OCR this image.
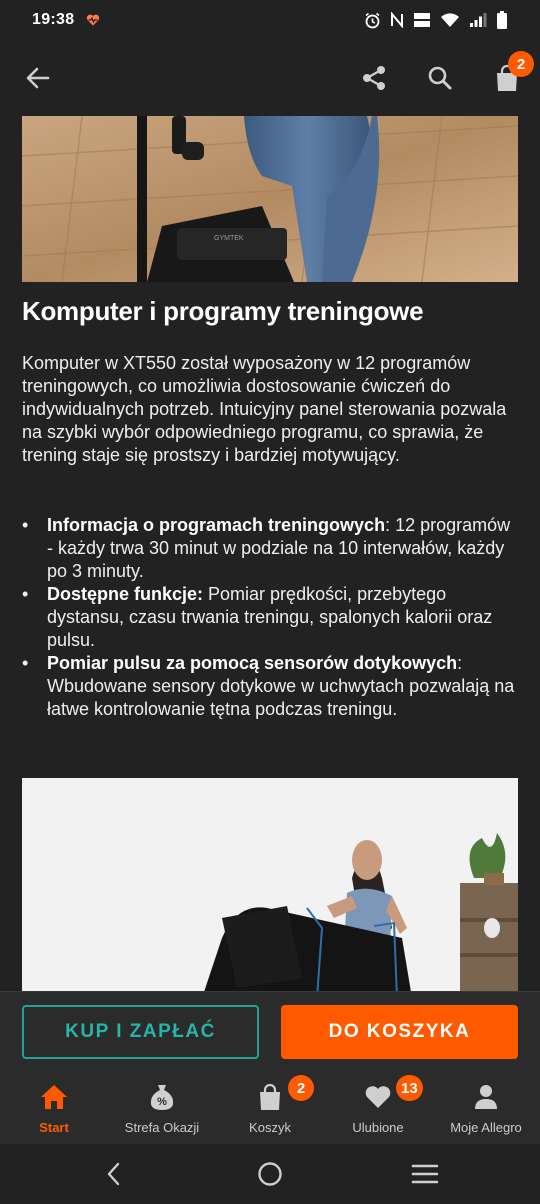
19:38
2
GYMTEK
Komputer i programy treningowe

Komputer w XT550 został wyposażony w 12 programów treningowych, co umożliwia dostosowanie ćwiczeń do indywidualnych potrzeb. Intuicyjny panel sterowania pozwala na szybki wybór odpowiedniego programu, co sprawia, że trening staje się prostszy i bardziej motywujący.

• Informacja o programach treningowych: 12 programów - każdy trwa 30 minut w podziale na 10 interwałów, każdy po 3 minuty.
• Dostępne funkcje: Pomiar prędkości, przebytego dystansu, czasu trwania treningu, spalonych kalorii oraz pulsu.
• Pomiar pulsu za pomocą sensorów dotykowych: Wbudowane sensory dotykowe w uchwytach pozwalają na łatwe kontrolowanie tętna podczas treningu.
KUP I ZAPŁAĆ	DO KOSZYKA
Start
%
Strefa Okazji
2
Koszyk
13
Ulubione	Moje Allegro
